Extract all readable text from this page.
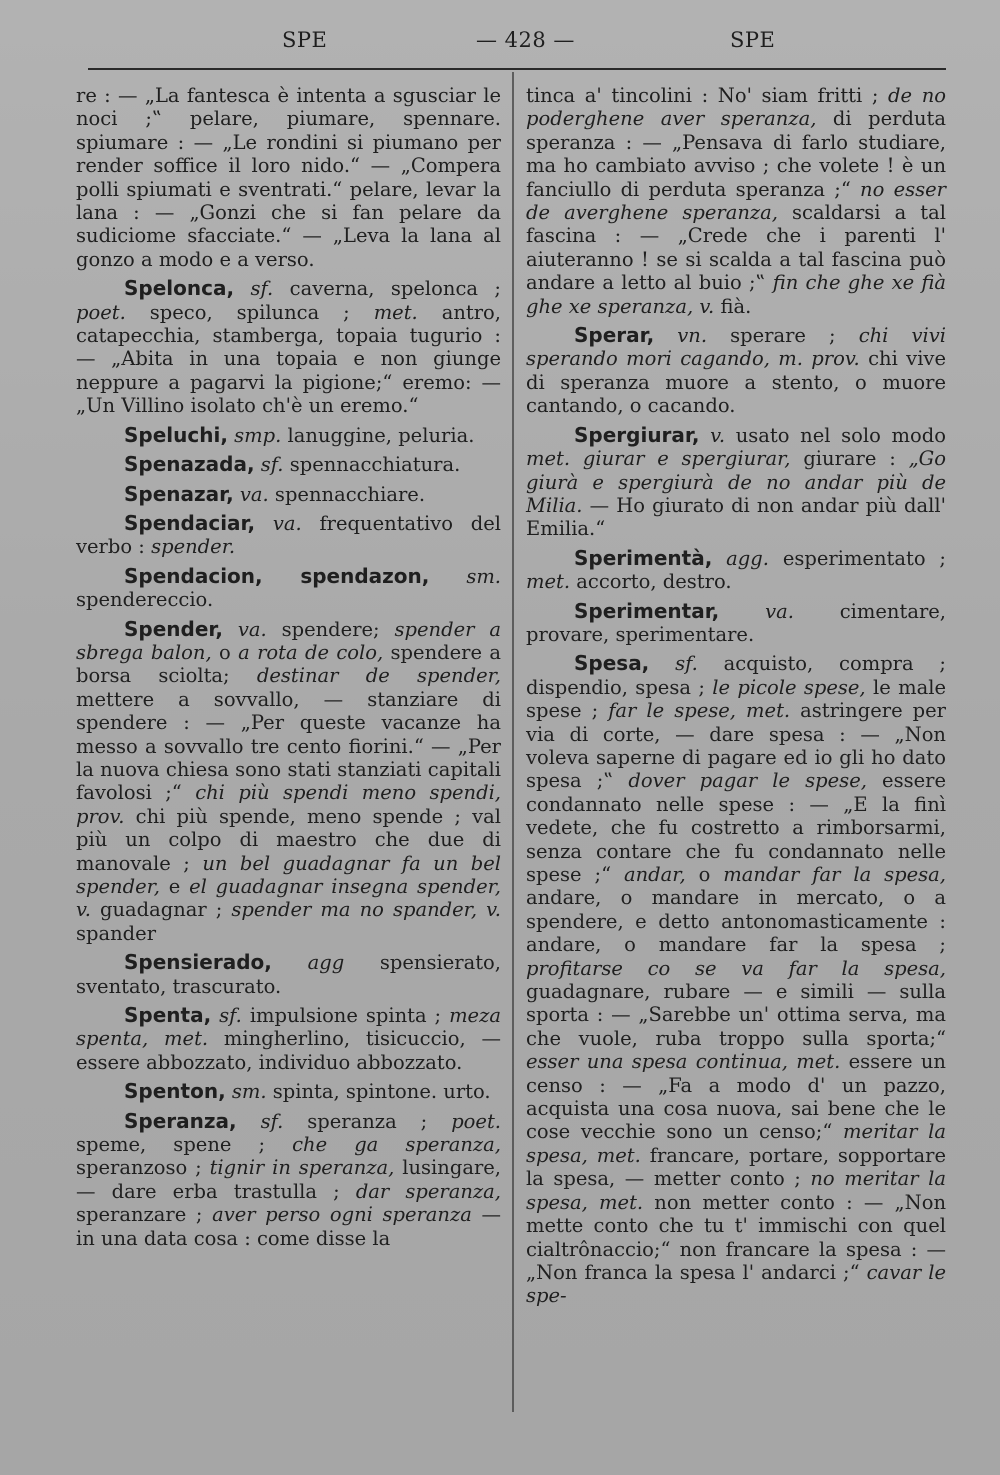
SPE	— 428 —	SPE

re : — „La fantesca è intenta a sgusciar le noci ;‟ pelare, piumare, spennare. spiumare : — „Le rondini si piumano per render soffice il loro nido.“ — „Compera polli spiumati e sventrati.“ pelare, levar la lana : — „Gonzi che si fan pelare da sudiciome sfacciate.“ — „Leva la lana al gonzo a modo e a verso.

Spelonca, sf. caverna, spelonca ; poet. speco, spilunca ; met. antro, catapecchia, stamberga, topaia tugurio : — „Abita in una topaia e non giunge neppure a pagarvi la pigione;“ eremo: — „Un Villino isolato ch'è un eremo.“

Speluchi, smp. lanuggine, peluria.

Spenazada, sf. spennacchiatura.

Spenazar, va. spennacchiare.

Spendaciar, va. frequentativo del verbo : spender.

Spendacion, spendazon, sm. spendereccio.

Spender, va. spendere; spender a sbrega balon, o a rota de colo, spendere a borsa sciolta; destinar de spender, mettere a sovvallo, — stanziare di spendere : — „Per queste vacanze ha messo a sovvallo tre cento fiorini.“ — „Per la nuova chiesa sono stati stanziati capitali favolosi ;“ chi più spendi meno spendi, prov. chi più spende, meno spende ; val più un colpo di maestro che due di manovale ; un bel guadagnar fa un bel spender, e el guadagnar insegna spender, v. guadagnar ; spender ma no spander, v. spander

Spensierado, agg spensierato, sventato, trascurato.

Spenta, sf. impulsione spinta ; meza spenta, met. mingherlino, tisicuccio, — essere abbozzato, individuo abbozzato.

Spenton, sm. spinta, spintone. urto.

Speranza, sf. speranza ; poet. speme, spene ; che ga speranza, speranzoso ; tignir in speranza, lusingare, — dare erba trastulla ; dar speranza, speranzare ; aver perso ogni speranza — in una data cosa : come disse la

tinca a' tincolini : No' siam fritti ; de no poderghene aver speranza, di perduta speranza : — „Pensava di farlo studiare, ma ho cambiato avviso ; che volete ! è un fanciullo di perduta speranza ;“ no esser de averghene speranza, scaldarsi a tal fascina : — „Crede che i parenti l' aiuteranno ! se si scalda a tal fascina può andare a letto al buio ;‟ fin che ghe xe fià ghe xe speranza, v. fià.

Sperar, vn. sperare ; chi vivi sperando mori cagando, m. prov. chi vive di speranza muore a stento, o muore cantando, o cacando.

Spergiurar, v. usato nel solo modo met. giurar e spergiurar, giurare : „Go giurà e spergiurà de no andar più de Milia. — Ho giurato di non andar più dall' Emilia.“

Sperimentà, agg. esperimentato ; met. accorto, destro.

Sperimentar, va. cimentare, provare, sperimentare.

Spesa, sf. acquisto, compra ; dispendio, spesa ; le picole spese, le male spese ; far le spese, met. astringere per via di corte, — dare spesa : — „Non voleva saperne di pagare ed io gli ho dato spesa ;‟ dover pagar le spese, essere condannato nelle spese : — „E la finì vedete, che fu costretto a rimborsarmi, senza contare che fu condannato nelle spese ;“ andar, o mandar far la spesa, andare, o mandare in mercato, o a spendere, e detto antonomasticamente : andare, o mandare far la spesa ; profitarse co se va far la spesa, guadagnare, rubare — e simili — sulla sporta : — „Sarebbe un' ottima serva, ma che vuole, ruba troppo sulla sporta;“ esser una spesa continua, met. essere un censo : — „Fa a modo d' un pazzo, acquista una cosa nuova, sai bene che le cose vecchie sono un censo;“ meritar la spesa, met. francare, portare, sopportare la spesa, — metter conto ; no meritar la spesa, met. non metter conto : — „Non mette conto che tu t' immischi con quel cialtrônaccio;“ non francare la spesa : — „Non franca la spesa l' andarci ;“ cavar le spe-
